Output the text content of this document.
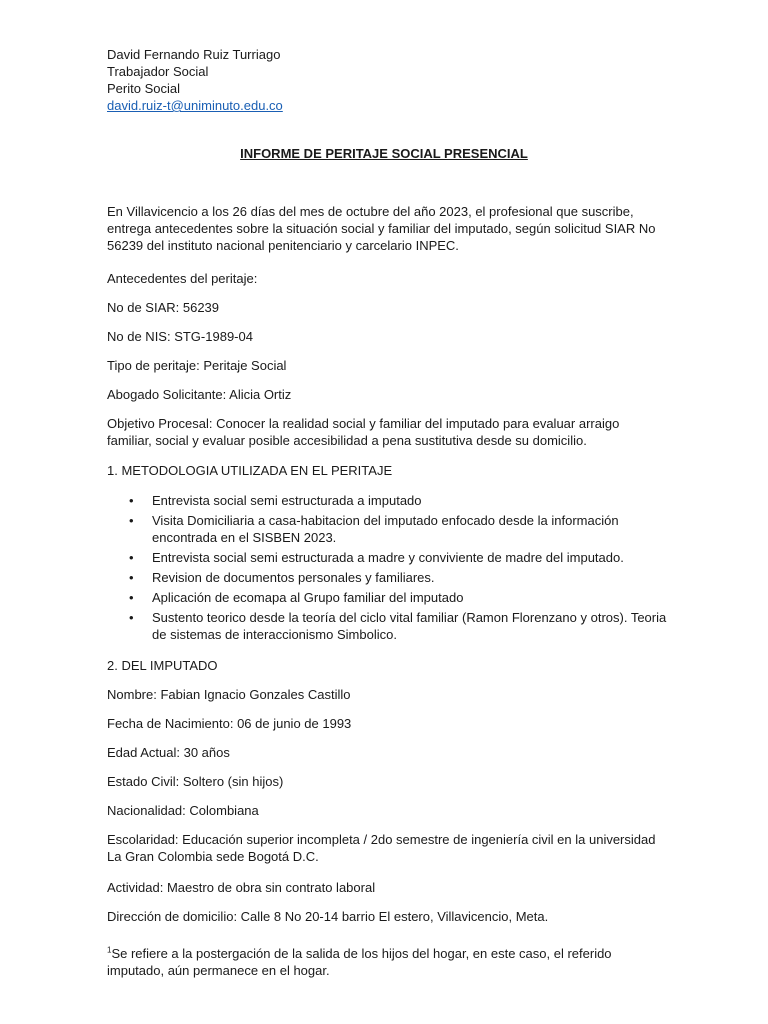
David Fernando Ruiz Turriago
Trabajador Social
Perito Social
david.ruiz-t@uniminuto.edu.co
INFORME DE PERITAJE SOCIAL PRESENCIAL

En Villavicencio a los 26 días del mes de octubre del año 2023, el profesional que suscribe, entrega antecedentes sobre la situación social y familiar del imputado, según solicitud SIAR No 56239 del instituto nacional penitenciario y carcelario INPEC.

Antecedentes del peritaje:

No de SIAR: 56239

No de NIS: STG-1989-04

Tipo de peritaje: Peritaje Social

Abogado Solicitante: Alicia Ortiz

Objetivo Procesal: Conocer la realidad social y familiar del imputado para evaluar arraigo familiar, social y evaluar posible accesibilidad a pena sustitutiva desde su domicilio.

1. METODOLOGIA UTILIZADA EN EL PERITAJE

• Entrevista social semi estructurada a imputado
• Visita Domiciliaria a casa-habitacion del imputado enfocado desde la información encontrada en el SISBEN 2023.
• Entrevista social semi estructurada a madre y conviviente de madre del imputado.
• Revision de documentos personales y familiares.
• Aplicación de ecomapa al Grupo familiar del imputado
• Sustento teorico desde la teoría del ciclo vital familiar (Ramon Florenzano y otros). Teoria de sistemas de interaccionismo Simbolico.

2. DEL IMPUTADO

Nombre: Fabian Ignacio Gonzales Castillo

Fecha de Nacimiento: 06 de junio de 1993

Edad Actual: 30 años

Estado Civil: Soltero (sin hijos)

Nacionalidad: Colombiana

Escolaridad: Educación superior incompleta / 2do semestre de ingeniería civil en la universidad La Gran Colombia sede Bogotá D.C.

Actividad: Maestro de obra sin contrato laboral

Dirección de domicilio: Calle 8 No 20-14 barrio El estero, Villavicencio, Meta.

$^1$Se refiere a la postergación de la salida de los hijos del hogar, en este caso, el referido imputado, aún permanece en el hogar.
